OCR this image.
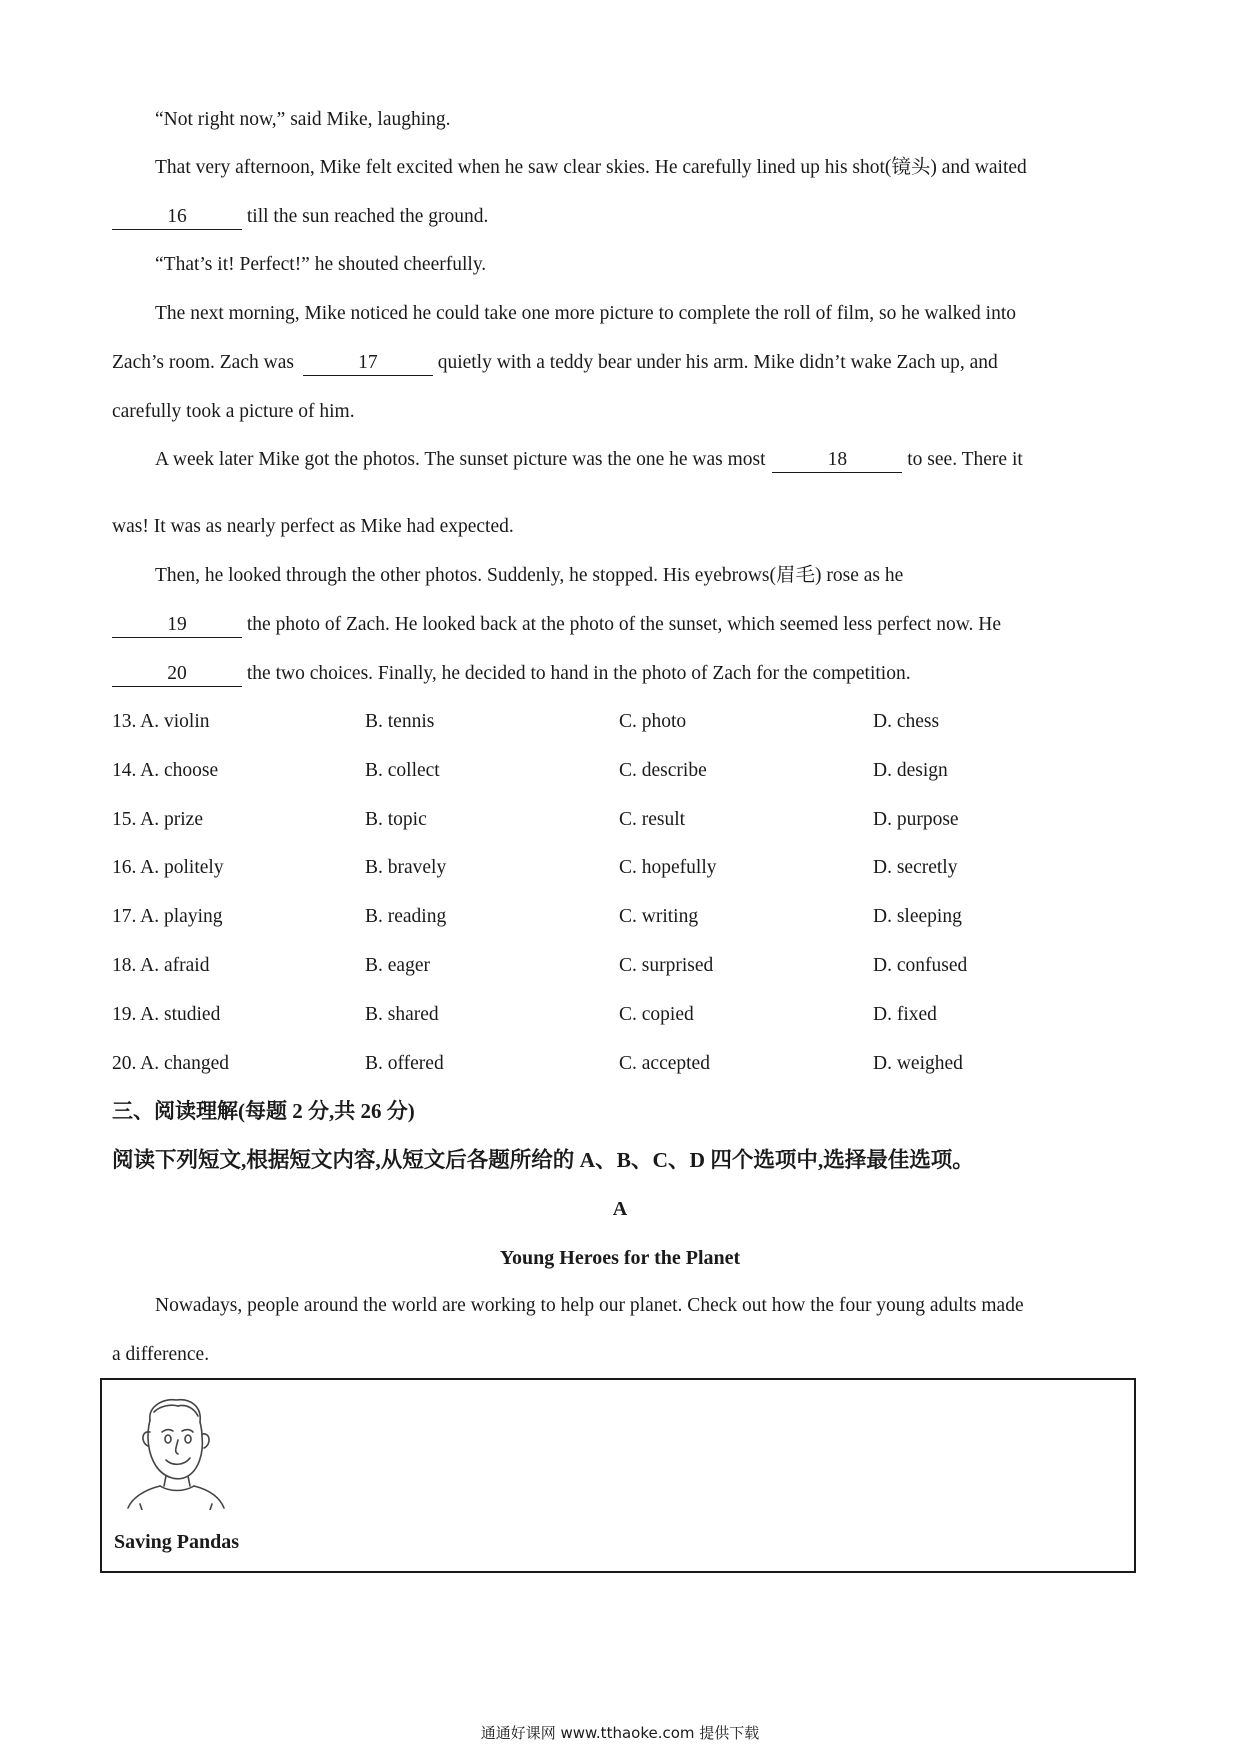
“Not right now,” said Mike, laughing.
That very afternoon, Mike felt excited when he saw clear skies. He carefully lined up his shot(镜头) and waited
16	till the sun reached the ground.
“That’s it! Perfect!” he shouted cheerfully.
The next morning, Mike noticed he could take one more picture to complete the roll of film, so he walked into
Zach’s room. Zach was	17	quietly with a teddy bear under his arm. Mike didn’t wake Zach up, and
carefully took a picture of him.
A week later Mike got the photos. The sunset picture was the one he was most	18	to see. There it
was! It was as nearly perfect as Mike had expected.
Then, he looked through the other photos. Suddenly, he stopped. His eyebrows(眉毛) rose as he
19	the photo of Zach. He looked back at the photo of the sunset, which seemed less perfect now. He
20	the two choices. Finally, he decided to hand in the photo of Zach for the competition.
13. A. violin	B. tennis	C. photo	D. chess
14. A. choose	B. collect	C. describe	D. design
15. A. prize	B. topic	C. result	D. purpose
16. A. politely	B. bravely	C. hopefully	D. secretly
17. A. playing	B. reading	C. writing	D. sleeping
18. A. afraid	B. eager	C. surprised	D. confused
19. A. studied	B. shared	C. copied	D. fixed
20. A. changed	B. offered	C. accepted	D. weighed
三、阅读理解(每题 2 分,共 26 分)
阅读下列短文,根据短文内容,从短文后各题所给的 A、B、C、D 四个选项中,选择最佳选项。
A
Young Heroes for the Planet
Nowadays, people around the world are working to help our planet. Check out how the four young adults made
a difference.
Saving Pandas
通通好课网 www.tthaoke.com 提供下载
